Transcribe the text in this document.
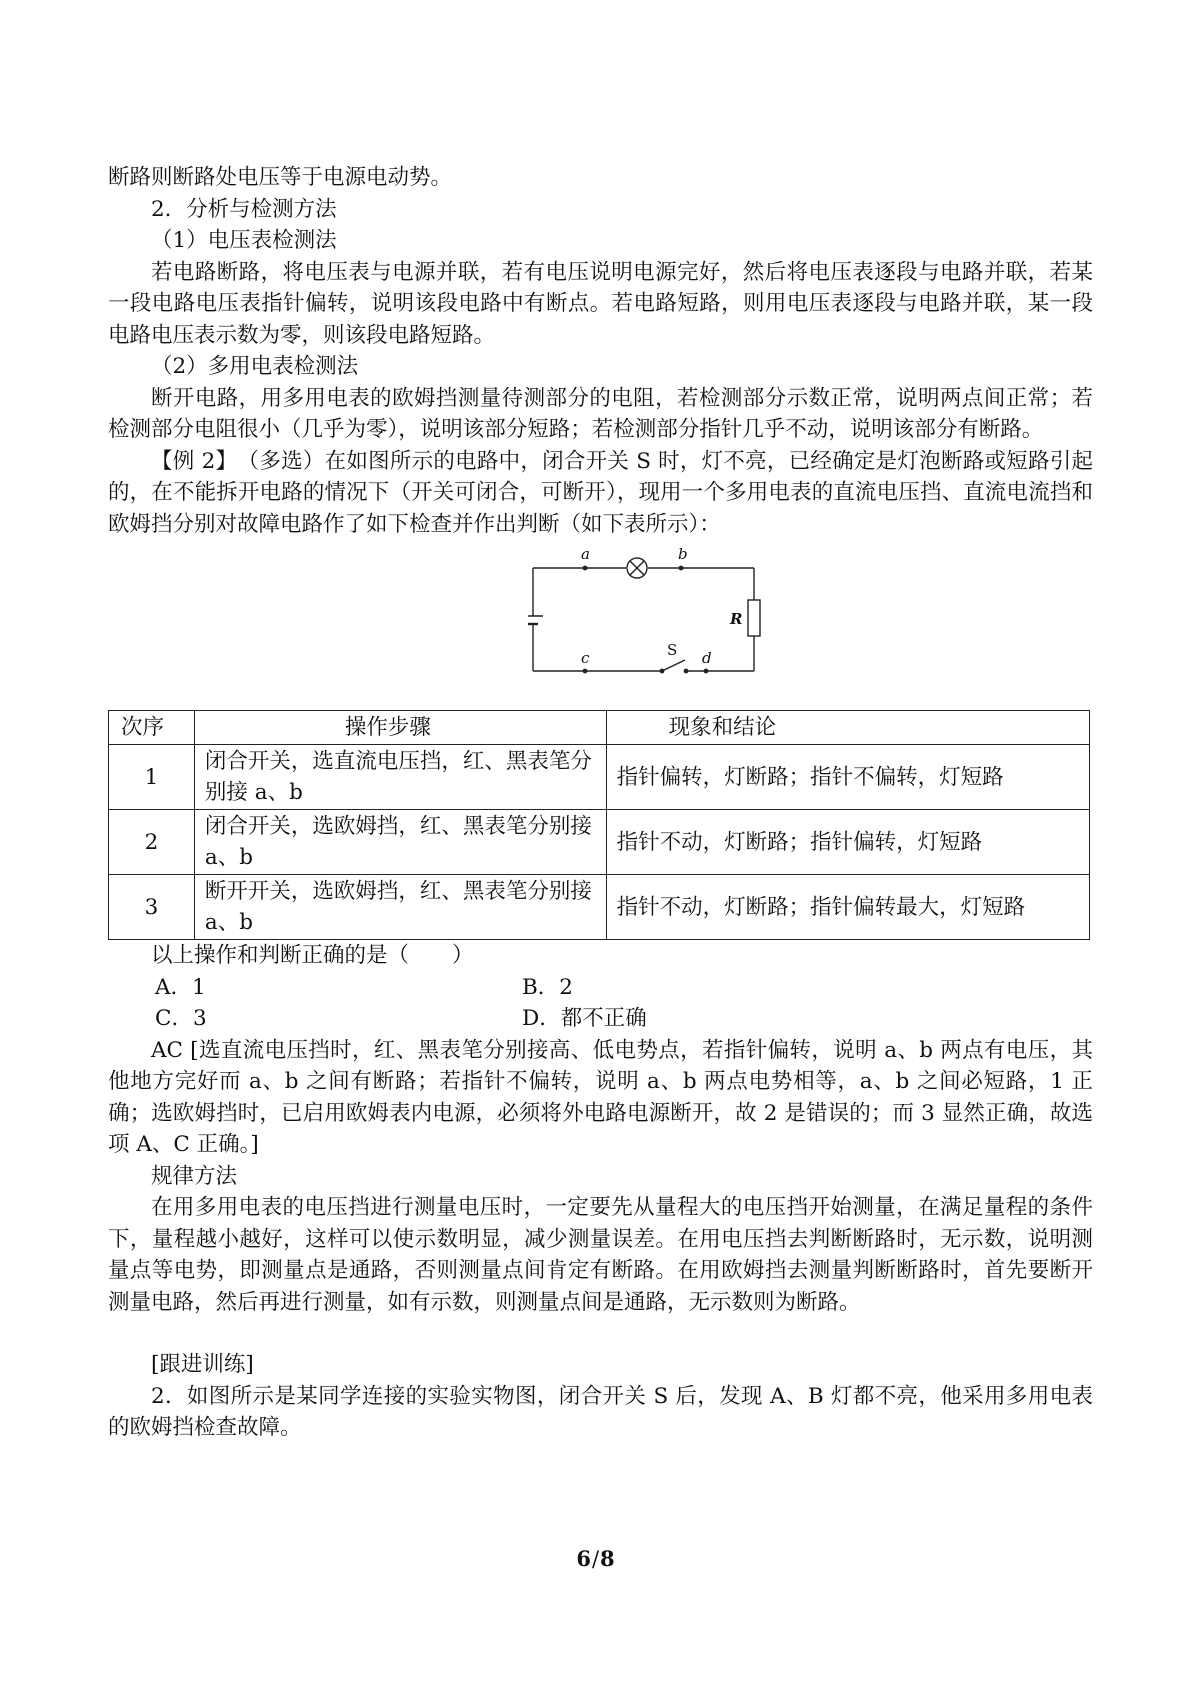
断路则断路处电压等于电源电动势。

2．分析与检测方法

（1）电压表检测法

若电路断路，将电压表与电源并联，若有电压说明电源完好，然后将电压表逐段与电路并联，若某一段电路电压表指针偏转，说明该段电路中有断点。若电路短路，则用电压表逐段与电路并联，某一段电路电压表示数为零，则该段电路短路。

（2）多用电表检测法

断开电路，用多用电表的欧姆挡测量待测部分的电阻，若检测部分示数正常，说明两点间正常；若检测部分电阻很小（几乎为零），说明该部分短路；若检测部分指针几乎不动，说明该部分有断路。

【例 2】　（多选）在如图所示的电路中，闭合开关 S 时，灯不亮，已经确定是灯泡断路或短路引起的，在不能拆开电路的情况下（开关可闭合，可断开），现用一个多用电表的直流电压挡、直流电流挡和欧姆挡分别对故障电路作了如下检查并作出判断（如下表所示）：

a	b
c	d
R
S
次序	操作步骤	现象和结论
1	闭合开关，选直流电压挡，红、黑表笔分别接 a、b	指针偏转，灯断路；指针不偏转，灯短路
2	闭合开关，选欧姆挡，红、黑表笔分别接 a、b	指针不动，灯断路；指针偏转，灯短路
3	断开开关，选欧姆挡，红、黑表笔分别接 a、b	指针不动，灯断路；指针偏转最大，灯短路

以上操作和判断正确的是（　　）

A．1	B．2
C．3	D．都不正确

AC [选直流电压挡时，红、黑表笔分别接高、低电势点，若指针偏转，说明 a、b 两点有电压，其他地方完好而 a、b 之间有断路；若指针不偏转，说明 a、b 两点电势相等，a、b 之间必短路，1 正确；选欧姆挡时，已启用欧姆表内电源，必须将外电路电源断开，故 2 是错误的；而 3 显然正确，故选项 A、C 正确。]

规律方法

在用多用电表的电压挡进行测量电压时，一定要先从量程大的电压挡开始测量，在满足量程的条件下，量程越小越好，这样可以使示数明显，减少测量误差。在用电压挡去判断断路时，无示数，说明测量点等电势，即测量点是通路，否则测量点间肯定有断路。在用欧姆挡去测量判断断路时，首先要断开测量电路，然后再进行测量，如有示数，则测量点间是通路，无示数则为断路。

[跟进训练]

2．如图所示是某同学连接的实验实物图，闭合开关 S 后，发现 A、B 灯都不亮，他采用多用电表的欧姆挡检查故障。

6/8
